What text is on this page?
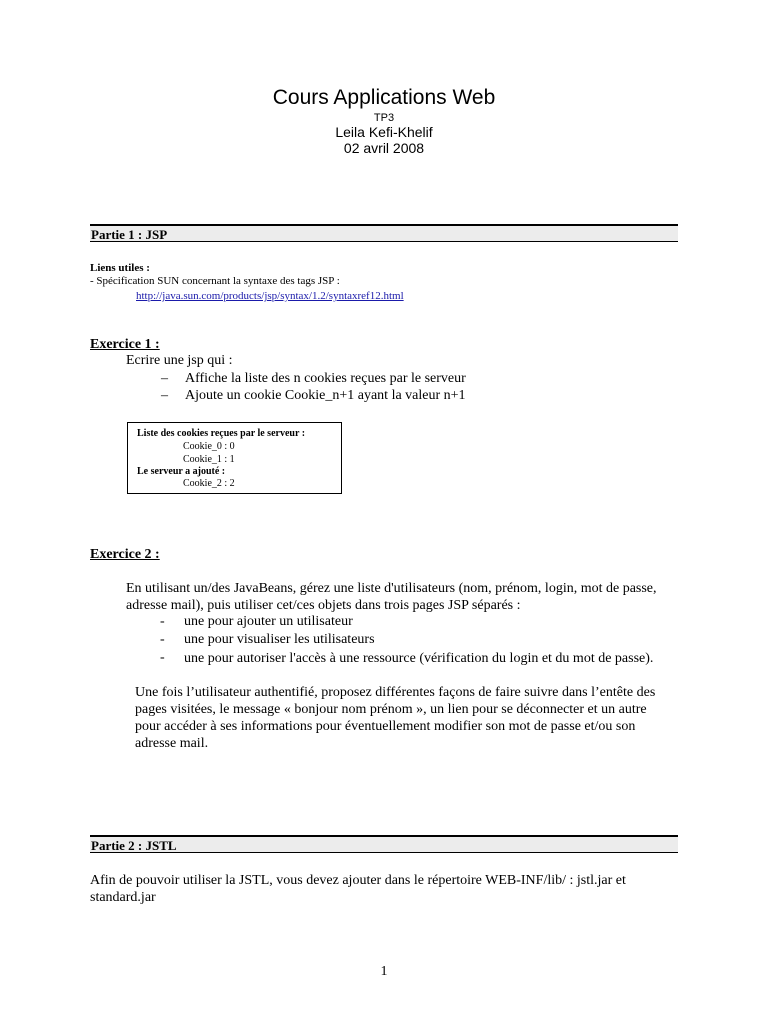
Cours Applications Web
TP3
Leila Kefi-Khelif
02 avril 2008
Partie 1 : JSP
Liens utiles :
- Spécification SUN concernant la syntaxe des tags JSP :
http://java.sun.com/products/jsp/syntax/1.2/syntaxref12.html
Exercice 1 :
Ecrire une jsp qui :
– Affiche la liste des n cookies reçues par le serveur
– Ajoute un cookie Cookie_n+1 ayant la valeur n+1
Liste des cookies reçues par le serveur :
Cookie_0 : 0
Cookie_1 : 1
Le serveur a ajouté :
Cookie_2 : 2
Exercice 2 :
En utilisant un/des JavaBeans, gérez une liste d'utilisateurs (nom, prénom, login, mot de passe, adresse mail), puis utiliser cet/ces objets dans trois pages JSP séparés :
- une pour ajouter un utilisateur
- une pour visualiser les utilisateurs
- une pour autoriser l'accès à une ressource (vérification du login et du mot de passe).
Une fois l’utilisateur authentifié, proposez différentes façons de faire suivre dans l’entête des pages visitées, le message « bonjour nom prénom », un lien pour se déconnecter et un autre pour accéder à ses informations pour éventuellement modifier son mot de passe et/ou son adresse mail.
Partie 2 : JSTL
Afin de pouvoir utiliser la JSTL, vous devez ajouter dans le répertoire WEB-INF/lib/ : jstl.jar et standard.jar
1
